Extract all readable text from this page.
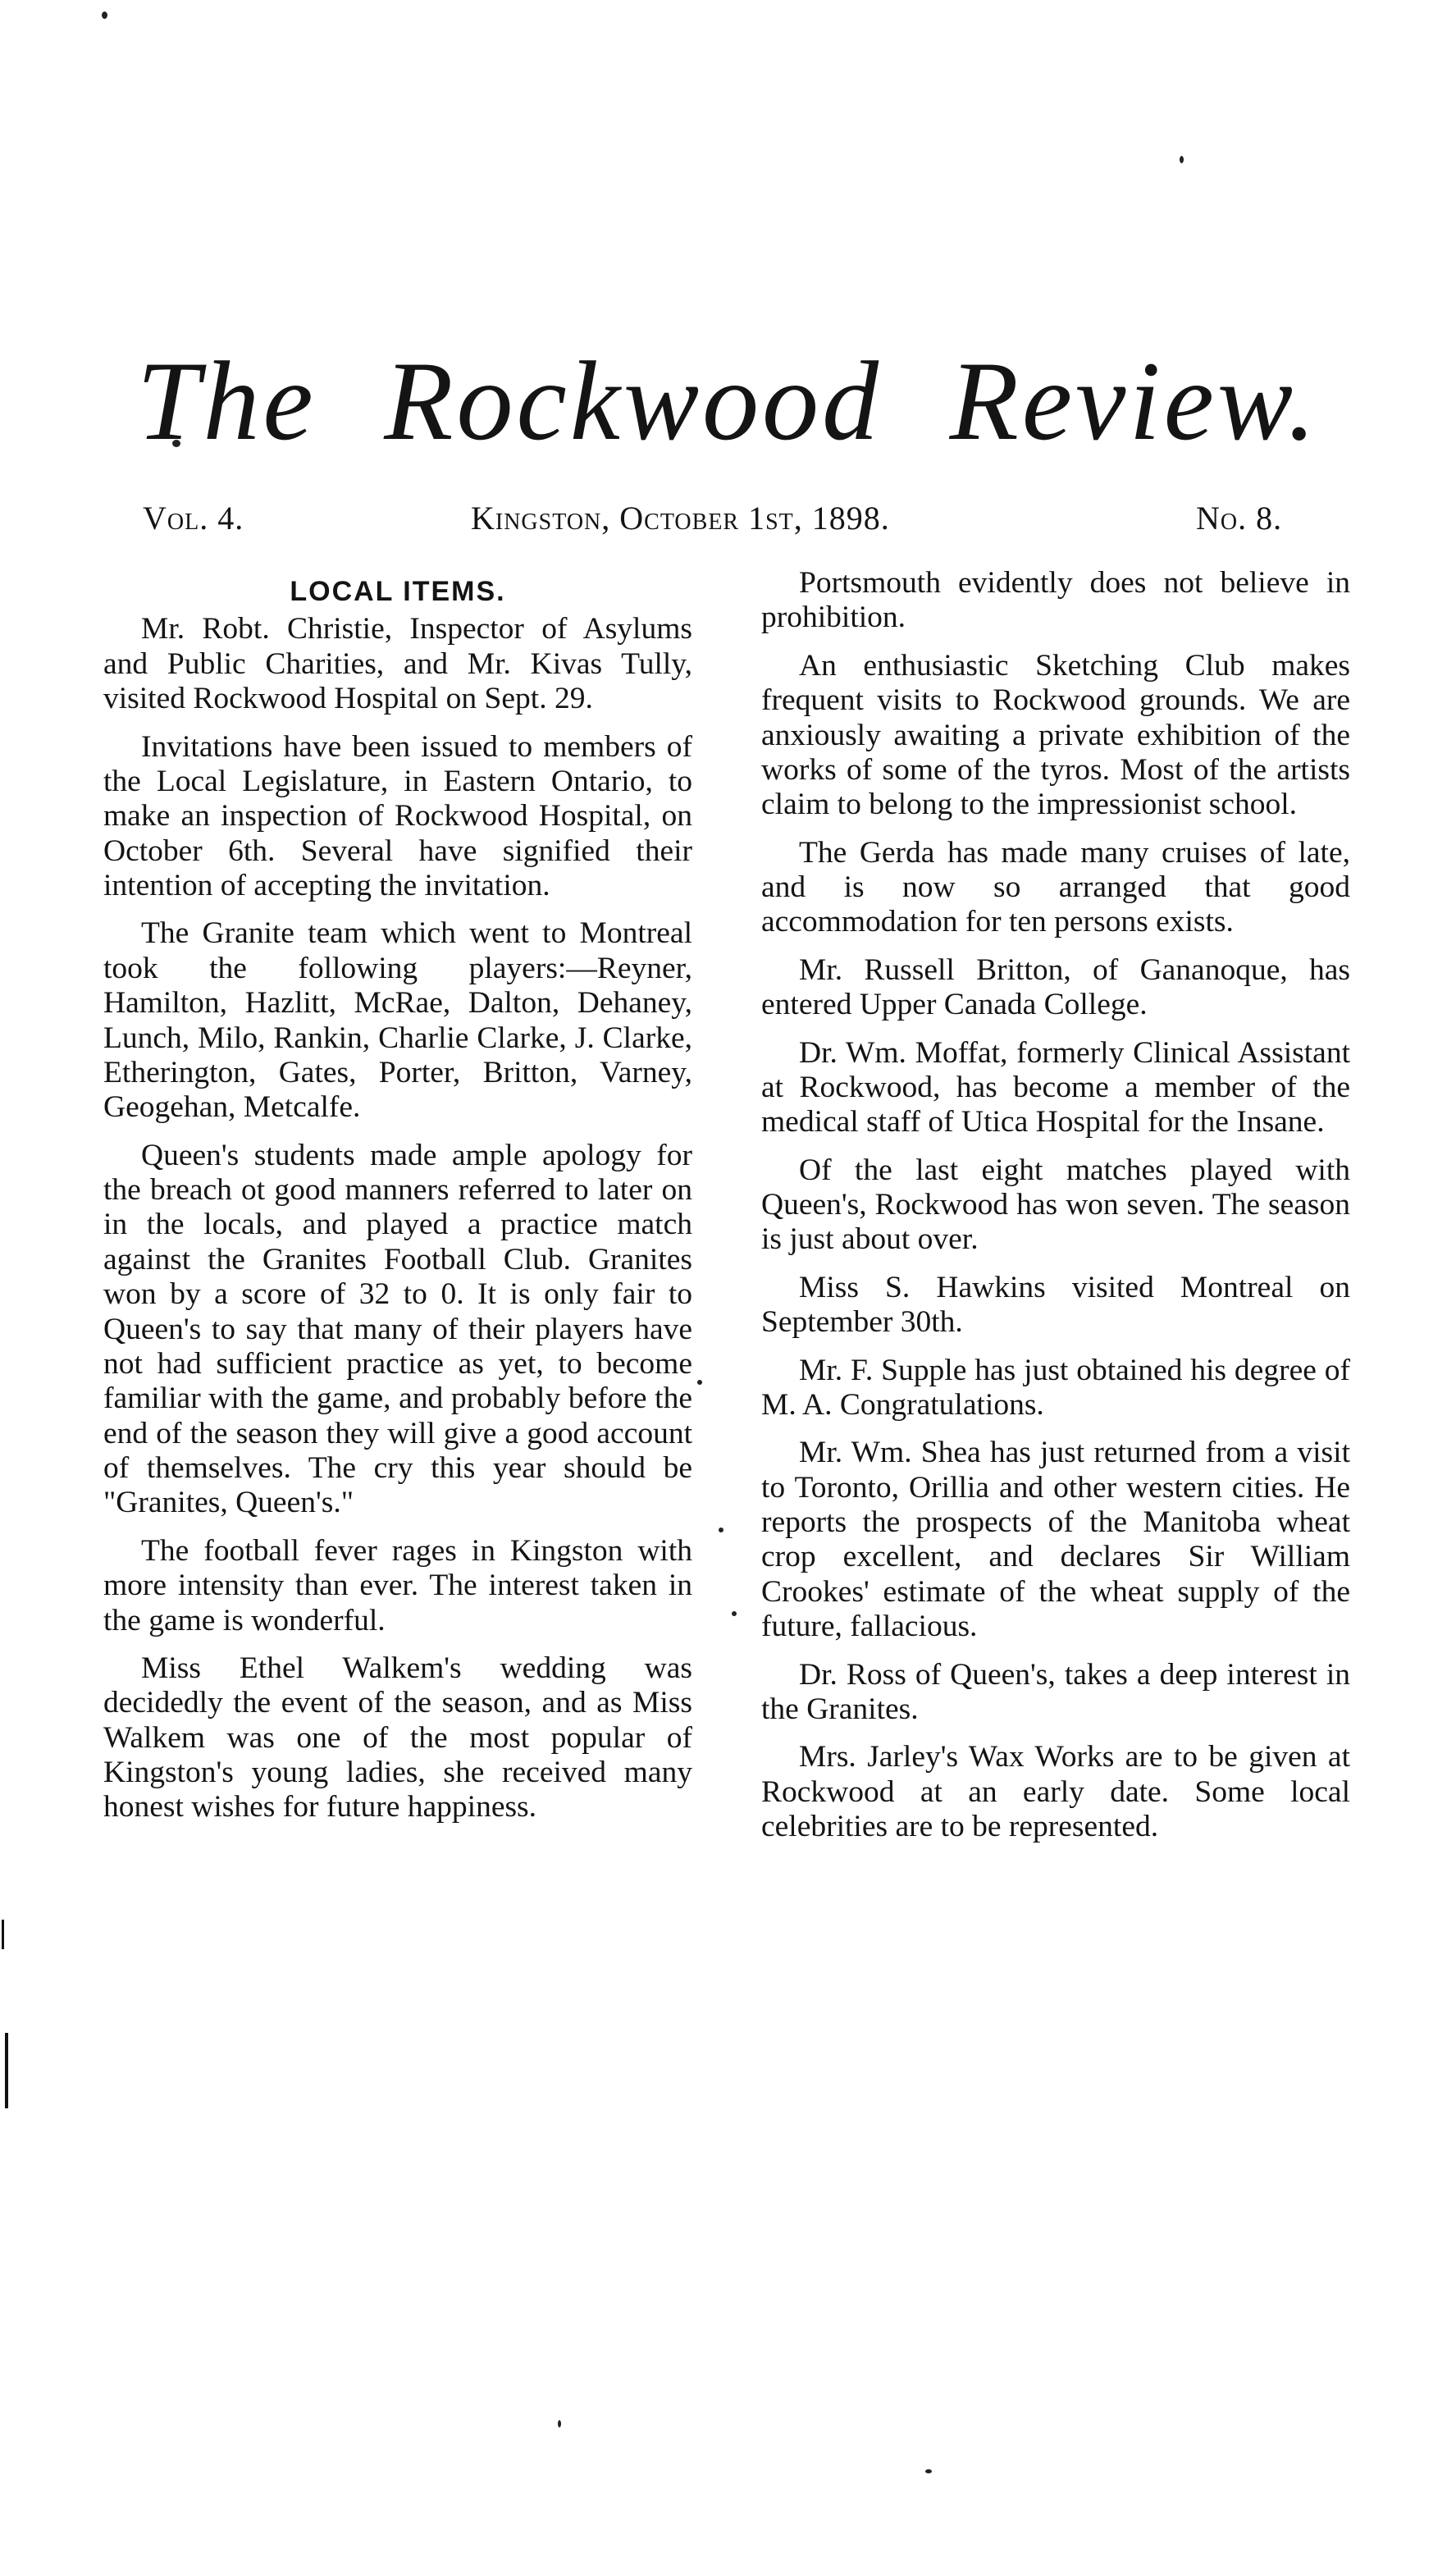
The Rockwood Review.
Vol. 4.	Kingston, October 1st, 1898.	No. 8.
LOCAL ITEMS.

Mr. Robt. Christie, Inspector of Asylums and Public Charities, and Mr. Kivas Tully, visited Rockwood Hospital on Sept. 29.

Invitations have been issued to members of the Local Legislature, in Eastern Ontario, to make an inspection of Rockwood Hospital, on October 6th. Several have signified their intention of accepting the invitation.

The Granite team which went to Montreal took the following players:—Reyner, Hamilton, Hazlitt, McRae, Dalton, Dehaney, Lunch, Milo, Rankin, Charlie Clarke, J. Clarke, Etherington, Gates, Porter, Britton, Varney, Geogehan, Metcalfe.

Queen's students made ample apology for the breach ot good manners referred to later on in the locals, and played a practice match against the Granites Football Club. Granites won by a score of 32 to 0. It is only fair to Queen's to say that many of their players have not had sufficient practice as yet, to become familiar with the game, and probably before the end of the season they will give a good account of themselves. The cry this year should be "Granites, Queen's."

The football fever rages in Kingston with more intensity than ever. The interest taken in the game is wonderful.

Miss Ethel Walkem's wedding was decidedly the event of the season, and as Miss Walkem was one of the most popular of Kingston's young ladies, she received many honest wishes for future happiness.

Portsmouth evidently does not believe in prohibition.

An enthusiastic Sketching Club makes frequent visits to Rockwood grounds. We are anxiously awaiting a private exhibition of the works of some of the tyros. Most of the artists claim to belong to the impressionist school.

The Gerda has made many cruises of late, and is now so arranged that good accommodation for ten persons exists.

Mr. Russell Britton, of Gananoque, has entered Upper Canada College.

Dr. Wm. Moffat, formerly Clinical Assistant at Rockwood, has become a member of the medical staff of Utica Hospital for the Insane.

Of the last eight matches played with Queen's, Rockwood has won seven. The season is just about over.

Miss S. Hawkins visited Montreal on September 30th.

Mr. F. Supple has just obtained his degree of M. A. Congratulations.

Mr. Wm. Shea has just returned from a visit to Toronto, Orillia and other western cities. He reports the prospects of the Manitoba wheat crop excellent, and declares Sir William Crookes' estimate of the wheat supply of the future, fallacious.

Dr. Ross of Queen's, takes a deep interest in the Granites.

Mrs. Jarley's Wax Works are to be given at Rockwood at an early date. Some local celebrities are to be represented.
